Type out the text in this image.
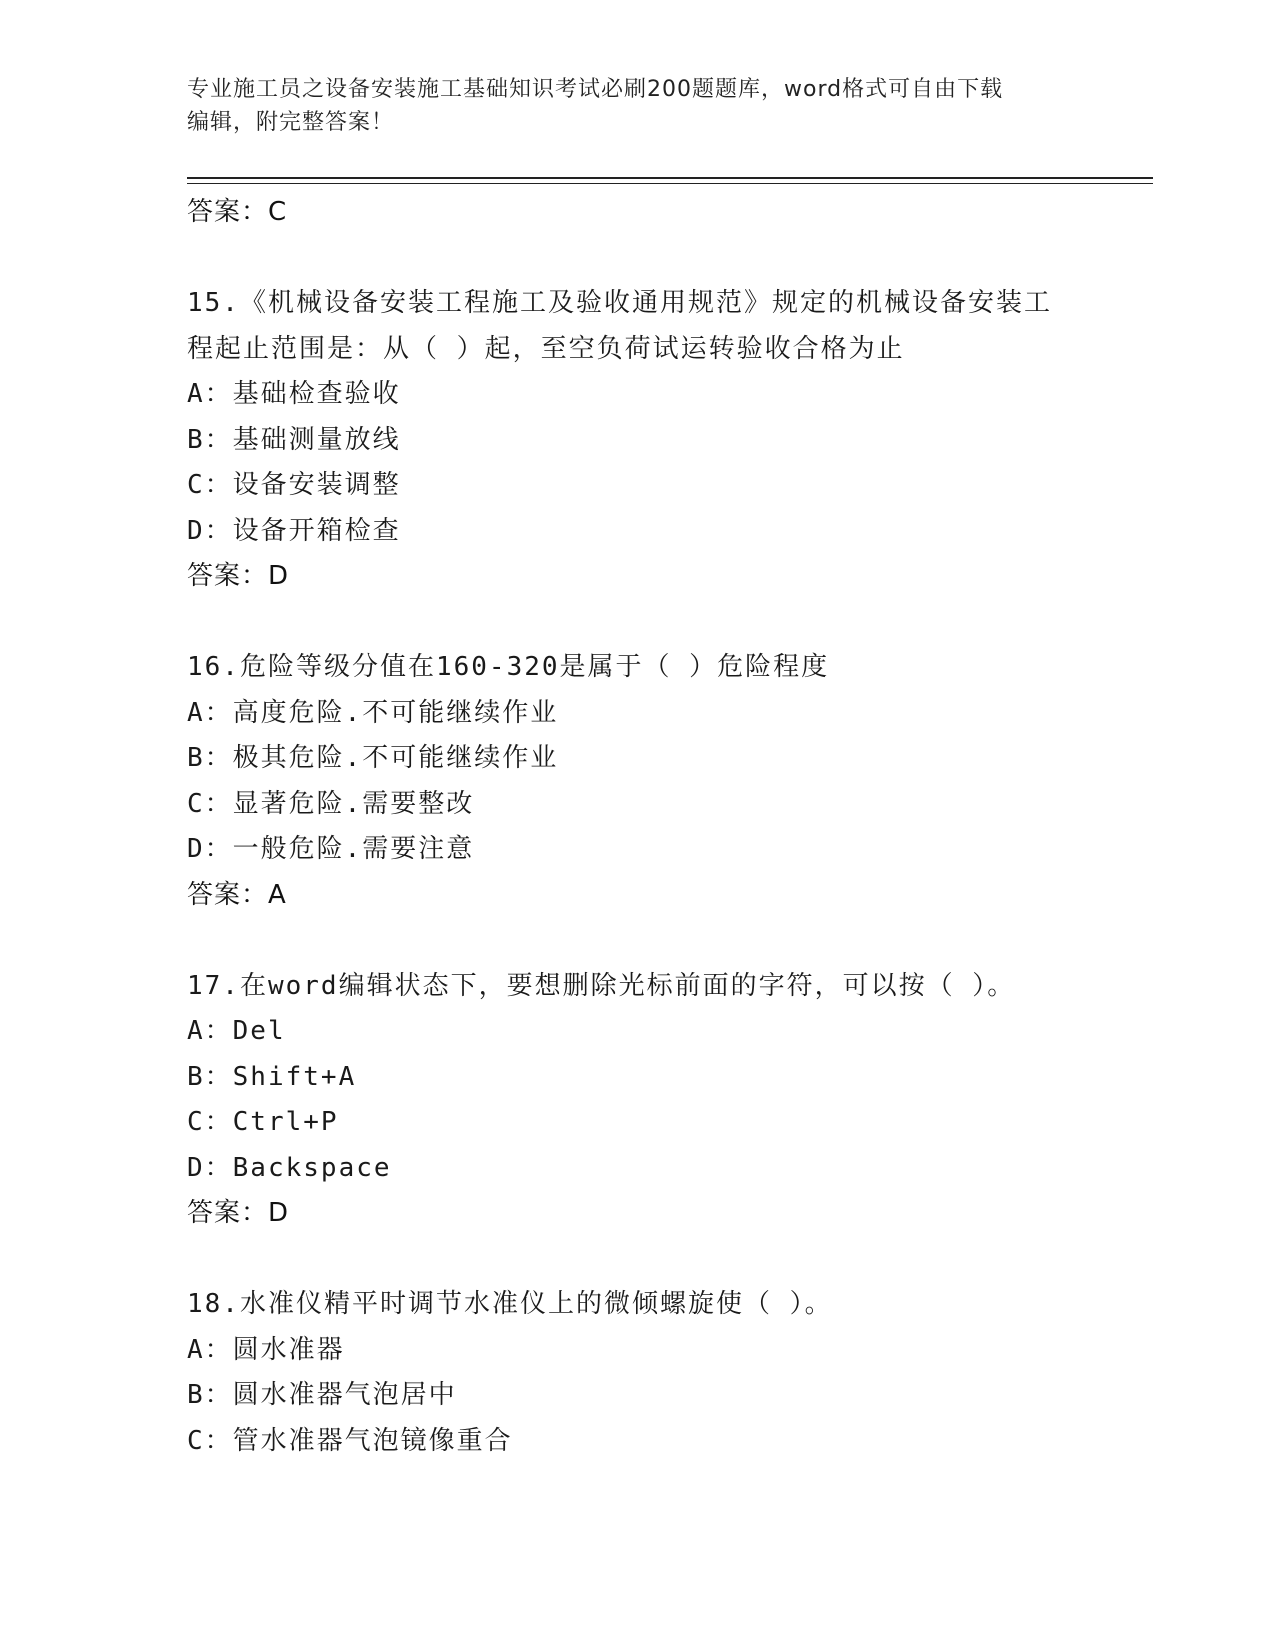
专业施工员之设备安装施工基础知识考试必刷200题题库，word格式可自由下载
编辑，附完整答案！
答案：C
15.《机械设备安装工程施工及验收通用规范》规定的机械设备安装工
程起止范围是：从（ ）起，至空负荷试运转验收合格为止
A：基础检查验收
B：基础测量放线
C：设备安装调整
D：设备开箱检查
答案：D
16.危险等级分值在160-320是属于（ ）危险程度
A：高度危险.不可能继续作业
B：极其危险.不可能继续作业
C：显著危险.需要整改
D：一般危险.需要注意
答案：A
17.在word编辑状态下，要想删除光标前面的字符，可以按（ ）。
A：Del
B：Shift+A
C：Ctrl+P
D：Backspace
答案：D
18.水准仪精平时调节水准仪上的微倾螺旋使（ ）。
A：圆水准器
B：圆水准器气泡居中
C：管水准器气泡镜像重合
